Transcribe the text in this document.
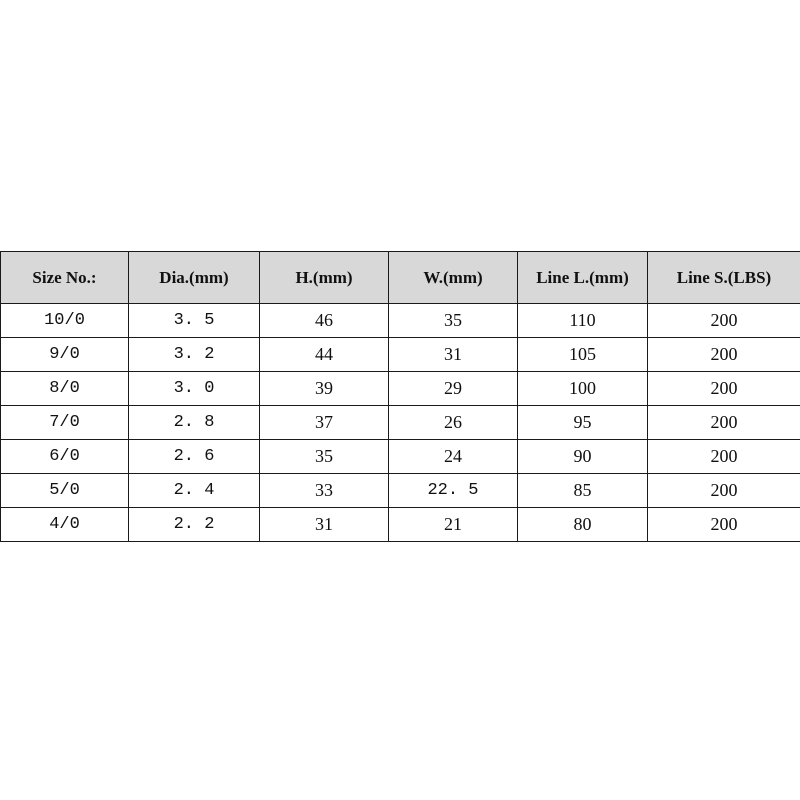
Size No.:	Dia.(mm)	H.(mm)	W.(mm)	Line L.(mm)	Line S.(LBS)
10/0	3. 5	46	35	110	200
9/0	3. 2	44	31	105	200
8/0	3. 0	39	29	100	200
7/0	2. 8	37	26	95	200
6/0	2. 6	35	24	90	200
5/0	2. 4	33	22. 5	85	200
4/0	2. 2	31	21	80	200
